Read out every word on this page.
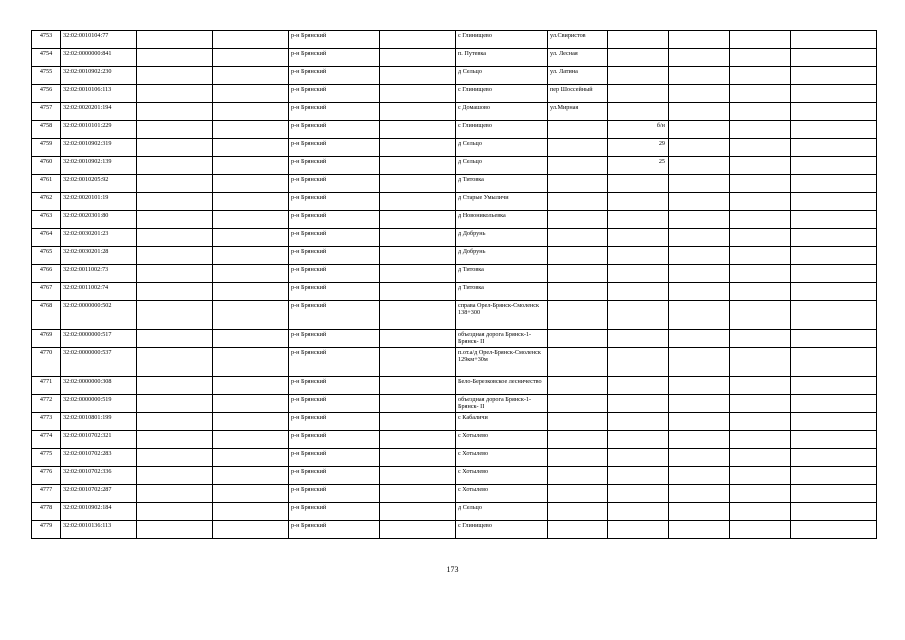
4753	32:02:0010104:77			р-н Брянский		с Глинищево	ул.Свиристов				
4754	32:02:0000000:841			р-н Брянский		п. Путевка	ул. Лесная				
4755	32:02:0010902:230			р-н Брянский		д Сельцо	ул. Латина				
4756	32:02:0010106:113			р-н Брянский		с Глинищево	пер Шоссейный				
4757	32:02:0020201:194			р-н Брянский		с Домашово	ул.Мирная				
4758	32:02:0010101:229			р-н Брянский		с Глинищево		б/н			
4759	32:02:0010902:319			р-н Брянский		д Сельцо		29			
4760	32:02:0010902:139			р-н Брянский		д Сельцо		25			
4761	32:02:0010205:92			р-н Брянский		д Титовка					
4762	32:02:0020101:19			р-н Брянский		д Старые Умыличи					
4763	32:02:0020301:80			р-н Брянский		д Новоникольевка					
4764	32:02:0030201:23			р-н Брянский		д Добрунь					
4765	32:02:0030201:28			р-н Брянский		д Добрунь					
4766	32:02:0011002:73			р-н Брянский		д Титовка					
4767	32:02:0011002:74			р-н Брянский		д Титовка					
4768	32:02:0000000:502			р-н Брянский		справа Орел-Брянск-Смоленск 138+300					
4769	32:02:0000000:517			р-н Брянский		объездная дорога Брянск-1- Брянск- II					
4770	32:02:0000000:537			р-н Брянский		п.от.а/д Орел-Брянск-Смоленск 129км+30м					
4771	32:02:0000000:308			р-н Брянский		Бело-Березковское лесничество					
4772	32:02:0000000:519			р-н Брянский		объездная дорога Брянск-1- Брянск- II					
4773	32:02:0010801:199			р-н Брянский		с Кабаличи					
4774	32:02:0010702:321			р-н Брянский		с Хотылево					
4775	32:02:0010702:283			р-н Брянский		с Хотылево					
4776	32:02:0010702:336			р-н Брянский		с Хотылево					
4777	32:02:0010702:287			р-н Брянский		с Хотылево					
4778	32:02:0010902:184			р-н Брянский		д Сельцо					
4779	32:02:0010136:113			р-н Брянский		с Глинищево					
173
